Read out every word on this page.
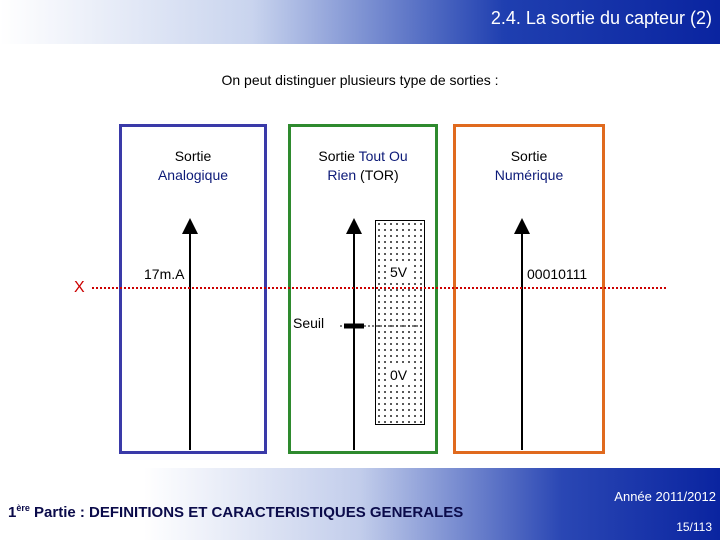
2.4. La sortie du capteur (2)
On peut distinguer plusieurs type de sorties :
Sortie
Analogique
17m.A
Sortie Tout Ou
Rien (TOR)
5V
0V
Seuil
Sortie
Numérique
00010111
X
1ère Partie : DEFINITIONS ET CARACTERISTIQUES GENERALES
Année 2011/2012
15/113
